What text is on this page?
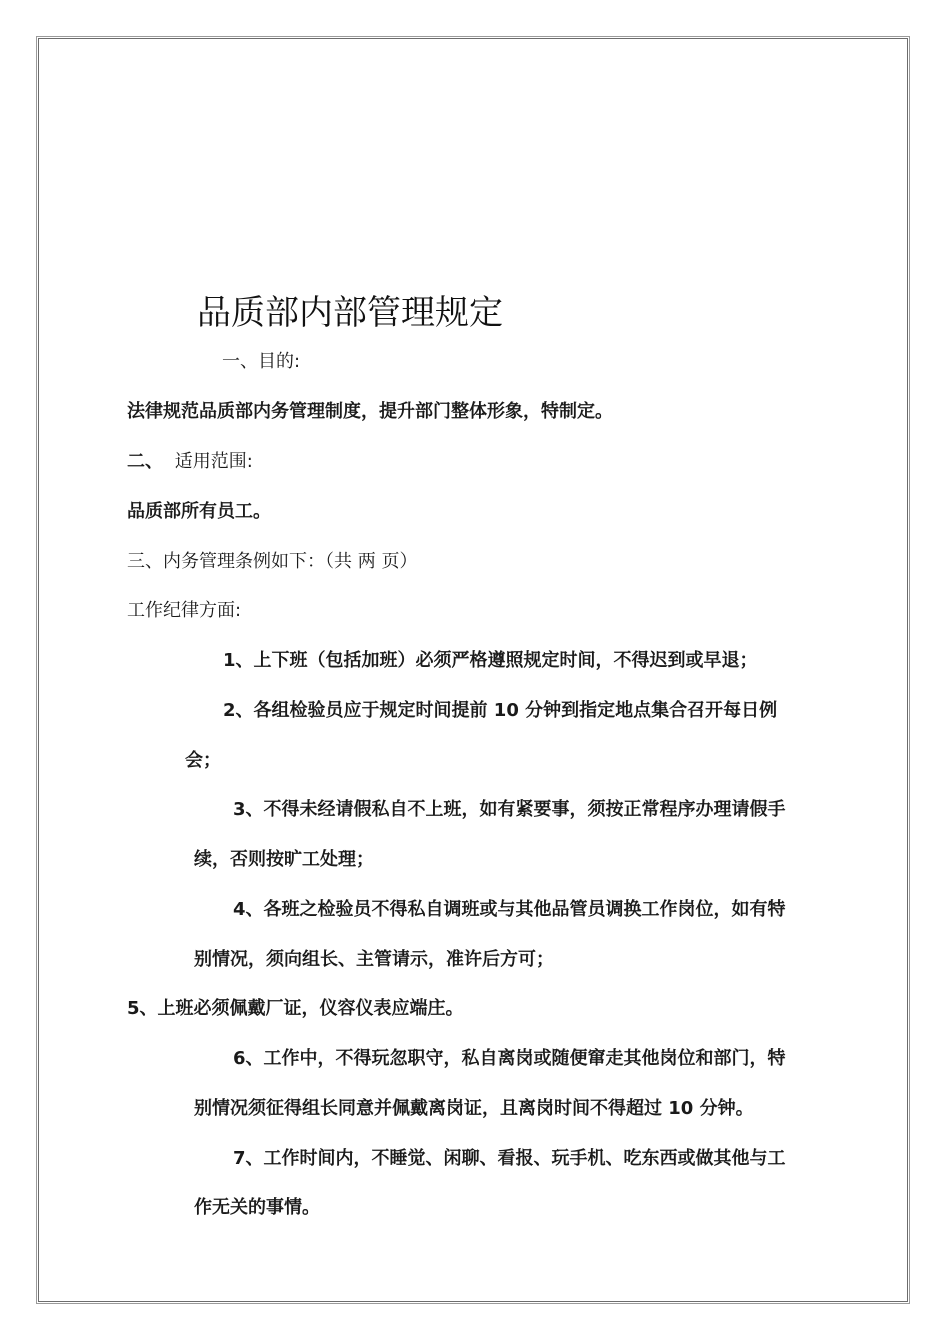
品质部内部管理规定
一、目的:
法律规范品质部内务管理制度，提升部门整体形象，特制定。
二、 适用范围:
品质部所有员工。
三、内务管理条例如下：（共 两 页）
工作纪律方面:
1、上下班（包括加班）必须严格遵照规定时间，不得迟到或早退；
2、各组检验员应于规定时间提前 10 分钟到指定地点集合召开每日例
会；
3、不得未经请假私自不上班，如有紧要事，须按正常程序办理请假手
续，否则按旷工处理；
4、各班之检验员不得私自调班或与其他品管员调换工作岗位，如有特
别情况，须向组长、主管请示，准许后方可；
5、上班必须佩戴厂证，仪容仪表应端庄。
6、工作中，不得玩忽职守，私自离岗或随便窜走其他岗位和部门，特
别情况须征得组长同意并佩戴离岗证，且离岗时间不得超过 10 分钟。
7、工作时间内，不睡觉、闲聊、看报、玩手机、吃东西或做其他与工
作无关的事情。
